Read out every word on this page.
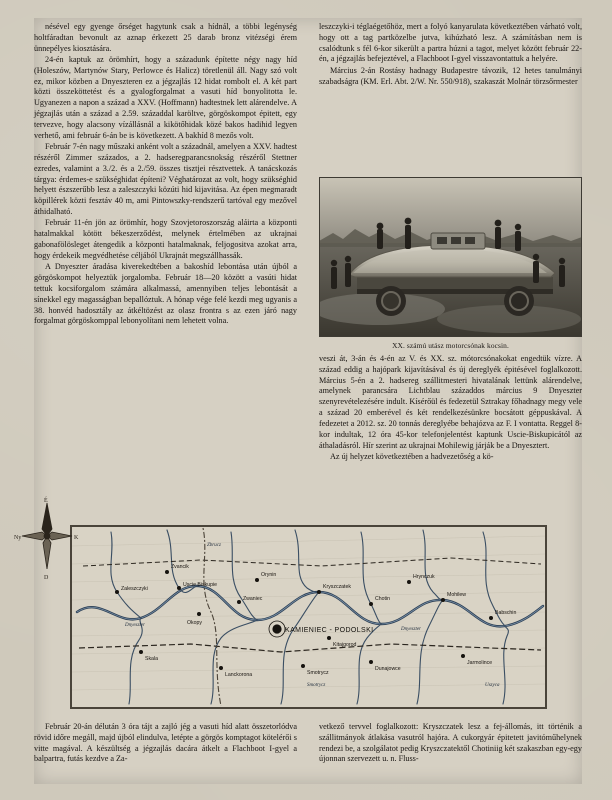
nésével egy gyenge őrséget hagytunk csak a hídnál, a többi legénység holtfáradtan bevonult az aznap érkezett 25 darab bronz vitézségi érem ünnepélyes kiosztására.

24-én kaptuk az örömhírt, hogy a századunk építette négy nagy híd (Holeszów, Martynów Stary, Perlowce és Halicz) töretlenül áll. Nagy szó volt ez, mikor közben a Dnyeszteren ez a jégzajlás 12 hidat rombolt el. A két part közti összeköttetést és a gyalogforgalmat a vasuti híd bonyolitotta le. Ugyanezen a napon a század a XXV. (Hoffmann) hadtestnek lett alárendelve. A jégzajlás után a század a 2.59. századdal karöltve, görgöskompot épitett, egy tervezve, hogy alacsony vízállásnál a kikötőhidak közé bakos hadihid legyen verhető, ami február 6-án be is következett. A bakhíd 8 mezős volt.

Február 7-én nagy műszaki anként volt a századnál, amelyen a XXV. hadtest részéről Zimmer százados, a 2. hadseregparancsnokság részéről Stettner ezredes, valamint a 3./2. és a 2./59. összes tisztjei résztvettek. A tanácskozás tárgya: érdemes-e szükséghidat építeni? Véghatározat az volt, hogy szükséghid helyett észszerűbb lesz a zaleszczyki közúti hid kijavitása. Az épen megmaradt köpillérek közti fesztáv 40 m, ami Pintowszky-rendszerű tartóval egy mezővel áthidalható.

Február 11-én jön az örömhír, hogy Szovjetoroszország aláirta a központi hatalmakkal kötött békeszerződést, melynek értelmében az ukrajnai gabonafölösleget átengedik a központi hatalmaknak, feljogositva azokat arra, hogy érdekeik megvédhetése céljából Ukrajnát megszállhassák.

A Dnyeszter áradása kiverekedtében a bakoshíd lebontása után újból a görgöskompot helyeztük jorgalomba. Február 18—20 között a vasúti hidat tettuk kocsiforgalom számára alkalmassá, amennyiben teljes lebontását a sínekkel egy magasságban bepallóztuk. A hónap vége felé kezdi meg ugyanis a 38. honvéd hadosztály az átkéltözést az olasz frontra s az ezen járó nagy forgalmat görgöskomppal lebonyolítani nem lehetett volna.

leszczyki-i téglaégetőhöz, mert a folyó kanyarulata következtében várható volt, hogy ott a tag partközelbe jutva, kihúzható lesz. A számításban nem is csalódtunk s fél 6-kor sikerült a partra húzni a tagot, melyet között február 22-én, a jégzajlás befejeztével, a Flachboot I-gyel visszavontattuk a helyére.

Március 2-án Rostásy hadnagy Budapestre távozik, 12 hetes tanulmányi szabadságra (KM. Erl. Abt. 2/W. Nr. 550/918), szakaszát Molnár törzsőrmester

XX. számú utász motorcsónak kocsin.

veszi át, 3-án és 4-én az V. és XX. sz. mótorcsónakokat engedtük vízre. A század eddig a hajópark kijavításával és új dereglyék épitésével foglalkozott. Március 5-én a 2. hadsereg szállitmesteri hivatalának lettünk alárendelve, amelynek parancsára Lichtblau századdos március 9 Dnyeszter szenyrevételezésére indult. Kísérőül és fedezetül Sztrakay főhadnagy megy vele a század 20 emberével és két rendelkezésünkre bocsátott géppuskával. A fedezetet a 2012. sz. 20 tonnás dereglyébe behajózva az F. I vontatta. Reggel 8-kor indultak, 12 óra 45-kor telefonjelentést kaptunk Uscie-Biskupicától az áthaladásról. Hír szerint az ukrajnai Mohilewig járják be a Dnyesztert.

Az új helyzet következtében a hadvezetőség a kö-

KAMIENIEC - PODOLSKI
Zaleszczyki
Uscie Biskupie
Okopy
Zwaniec
Kryszczatek
Chotin
Mohilew
Skala
Lanckorona	Smotrycz
Dunajowce
Jarmolince
Orynin
Kitajgorod
Hrynczuk
Zvancik
Babschin
Dnyeszter
Dnyeszter
Zbrucz
Smotrycz	Uszyca
É
D
K
Ny

Február 20-án délután 3 óra tájt a zajló jég a vasuti híd alatt összetorlódva rövid időre megáll, majd újból elindulva, letépte a görgös komptagot kötelérői s vitte magával. A készültség a jégzajlás dacára átkelt a Flachboot I-gyel a balpartra, futás kezdve a Za-

vetkező tervvel foglalkozott: Kryszczatek lesz a fej-állomás, itt történik a szállitmányok átlakása vasutról hajóra. A cukorgyár épitetett javitóműhelynek rendezi be, a szolgálatot pedig Kryszczatektől Chotiniig két szakaszban egy-egy újonnan szervezett u. n. Fluss-
